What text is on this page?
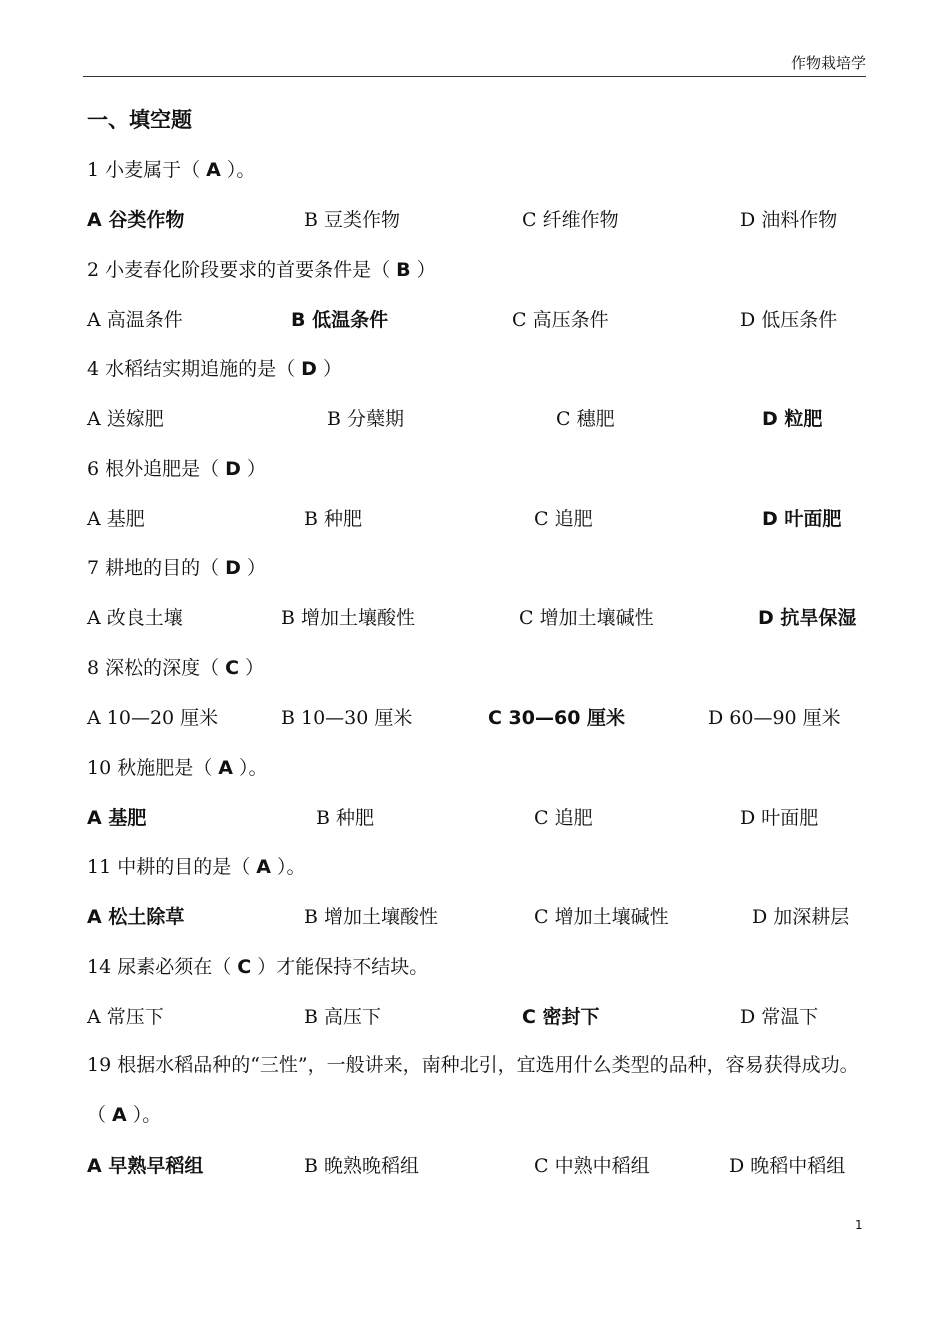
作物栽培学
一、填空题
1 小麦属于（ A ）。
A 谷类作物	B 豆类作物	C 纤维作物	D 油料作物
2 小麦春化阶段要求的首要条件是（ B ）
A 高温条件	B 低温条件	C 高压条件	D 低压条件
4 水稻结实期追施的是（ D ）
A 送嫁肥	B 分蘖期	C 穗肥	D 粒肥
6 根外追肥是（ D ）
A 基肥	B 种肥	C 追肥	D 叶面肥
7 耕地的目的（ D ）
A 改良土壤	B 增加土壤酸性	C 增加土壤碱性	D 抗旱保湿
8 深松的深度（ C ）
A 10—20 厘米	B 10—30 厘米	C 30—60 厘米	D 60—90 厘米
10 秋施肥是（ A ）。
A 基肥	B 种肥	C 追肥	D 叶面肥
11 中耕的目的是（ A ）。
A 松土除草	B 增加土壤酸性	C 增加土壤碱性	D 加深耕层
14 尿素必须在（ C ）才能保持不结块。
A 常压下	B 高压下	C 密封下	D 常温下
19 根据水稻品种的“三性”，一般讲来，南种北引，宜选用什么类型的品种，容易获得成功。（ A ）。
A 早熟早稻组	B 晚熟晚稻组	C 中熟中稻组	D 晚稻中稻组
1
